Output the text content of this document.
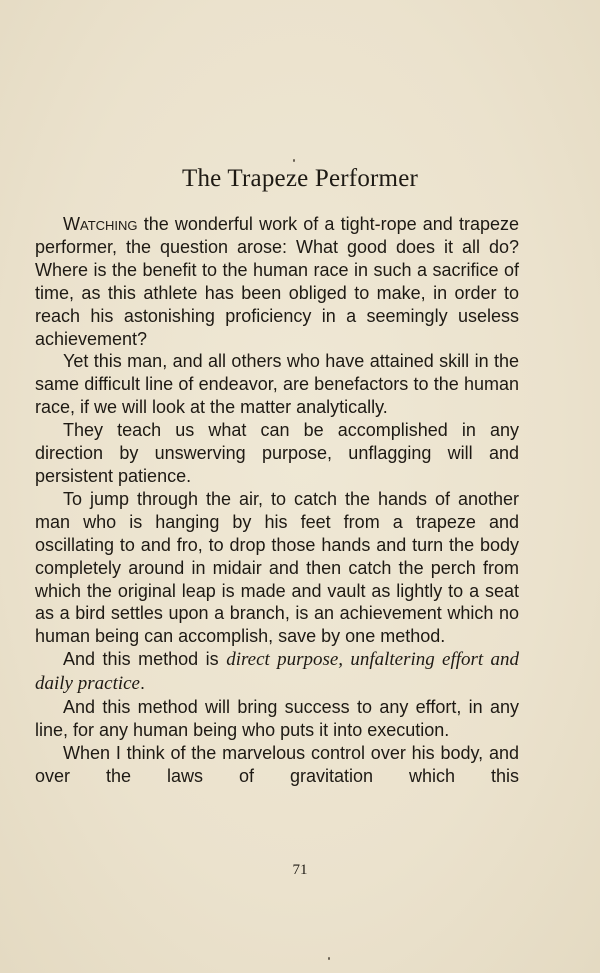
The Trapeze Performer

Watching the wonderful work of a tight-rope and trapeze performer, the question arose: What good does it all do? Where is the benefit to the human race in such a sacrifice of time, as this athlete has been obliged to make, in order to reach his astonishing proficiency in a seemingly useless achievement?

Yet this man, and all others who have attained skill in the same difficult line of endeavor, are benefactors to the human race, if we will look at the matter analytically.

They teach us what can be accomplished in any direction by unswerving purpose, unflagging will and persistent patience.

To jump through the air, to catch the hands of another man who is hanging by his feet from a trapeze and oscillating to and fro, to drop those hands and turn the body completely around in midair and then catch the perch from which the original leap is made and vault as lightly to a seat as a bird settles upon a branch, is an achievement which no human being can accomplish, save by one method.

And this method is direct purpose, unfaltering effort and daily practice.

And this method will bring success to any effort, in any line, for any human being who puts it into execution.

When I think of the marvelous control over his body, and over the laws of gravitation which this

71
